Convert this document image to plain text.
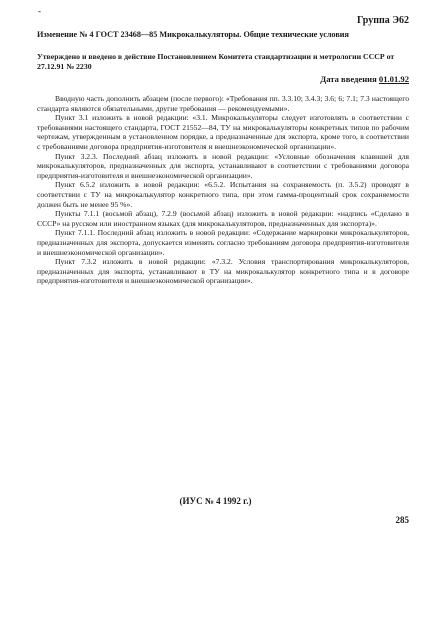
-
Группа Э62
Изменение № 4 ГОСТ 23468—85 Микрокалькуляторы. Общие технические условия
Утверждено и введено в действие Постановлением Комитета стандартизации и метрологии СССР от 27.12.91 № 2230
Дата введения 01.01.92

Вводную часть дополнить абзацем (после первого): «Требования пп. 3.3.10; 3.4.3; 3.6; 6; 7.1; 7.3 настоящего стандарта являются обязательными, другие требования — рекомендуемыми».

Пункт 3.1 изложить в новой редакции: «3.1. Микрокалькуляторы следует изготовлять в соответствии с требованиями настоящего стандарта, ГОСТ 21552—84, ТУ на микрокалькуляторы конкретных типов по рабочим чертежам, утвержденным в установленном порядке, а предназначенные для экспорта, кроме того, в соответствии с требованиями договора предприятия-изготовителя и внешнеэкономической организации».

Пункт 3.2.3. Последний абзац изложить в новой редакции: «Условные обозначения клавишей для микрокалькуляторов, предназначенных для экспорта, устанавливают в соответствии с требованиями договора предприятия-изготовителя и внешнеэкономической организации».

Пункт 6.5.2 изложить в новой редакции: «6.5.2. Испытания на сохраняемость (п. 3.5.2) проводят в соответствии с ТУ на микрокалькулятор конкретного типа, при этом гамма-процентный срок сохраняемости должен быть не менее 95 %».

Пункты 7.1.1 (восьмой абзац), 7.2.9 (восьмой абзац) изложить в новой редакции: «надпись «Сделано в СССР» на русском или иностранном языках (для микрокалькуляторов, предназначенных для экспорта)».

Пункт 7.1.1. Последний абзац изложить в новой редакции: «Содержание маркировки микрокалькуляторов, предназначенных для экспорта, допускается изменять согласно требованиям договора предприятия-изготовителя и внешнеэкономической организации».

Пункт 7.3.2 изложить в новой редакции: «7.3.2. Условия транспортирования микрокалькуляторов, предназначенных для экспорта, устанавливают в ТУ на микрокалькулятор конкретного типа и в договоре предприятия-изготовителя и внешнеэкономической организации».

(ИУС № 4 1992 г.)
285
